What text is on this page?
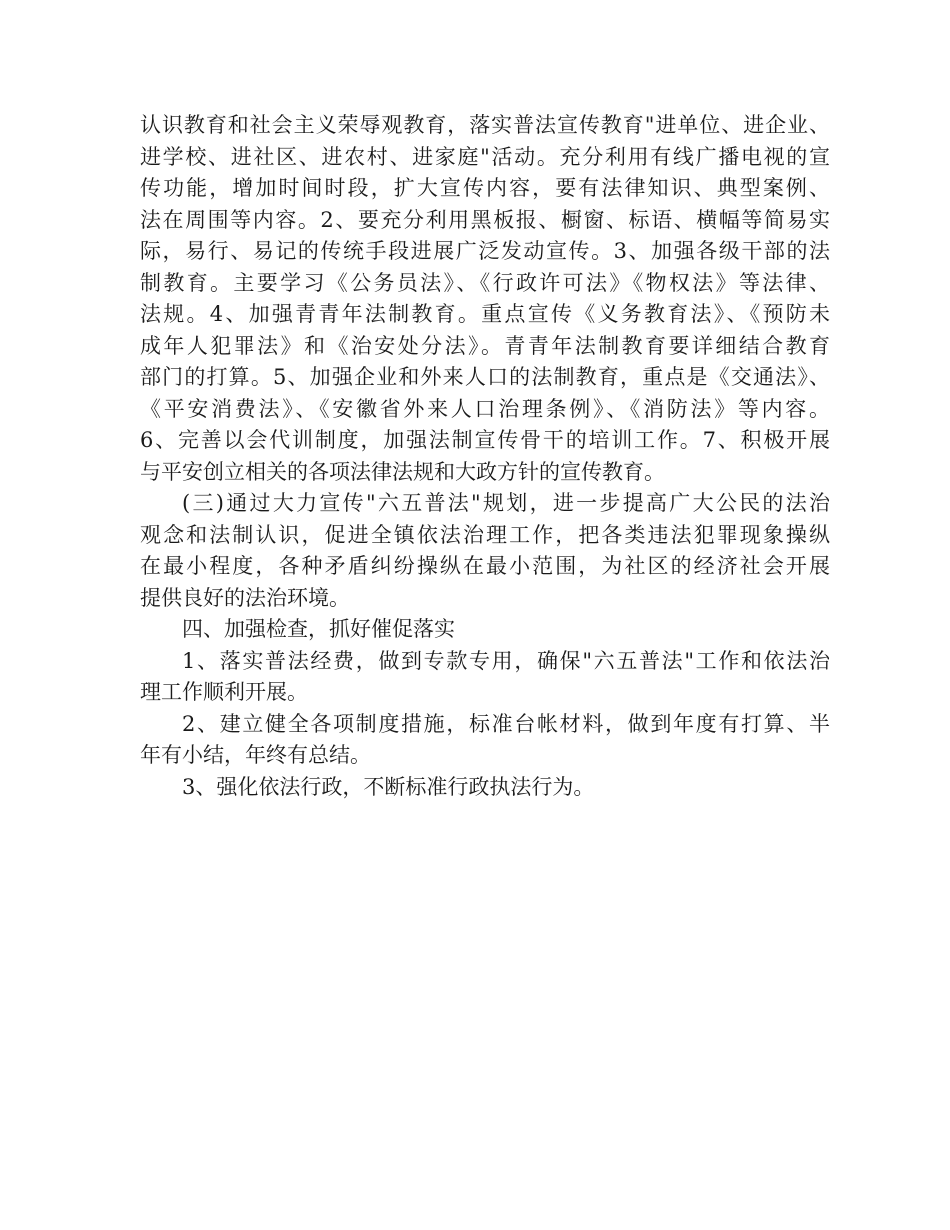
认识教育和社会主义荣辱观教育，落实普法宣传教育"进单位、进企业、
进学校、进社区、进农村、进家庭"活动。充分利用有线广播电视的宣
传功能，增加时间时段，扩大宣传内容，要有法律知识、典型案例、
法在周围等内容。2、要充分利用黑板报、橱窗、标语、横幅等简易实
际，易行、易记的传统手段进展广泛发动宣传。3、加强各级干部的法
制教育。主要学习《公务员法》、《行政许可法》《物权法》等法律、
法规。4、加强青青年法制教育。重点宣传《义务教育法》、《预防未
成年人犯罪法》和《治安处分法》。青青年法制教育要详细结合教育
部门的打算。5、加强企业和外来人口的法制教育，重点是《交通法》、
《平安消费法》、《安徽省外来人口治理条例》、《消防法》等内容。
6、完善以会代训制度，加强法制宣传骨干的培训工作。7、积极开展
与平安创立相关的各项法律法规和大政方针的宣传教育。
(三)通过大力宣传"六五普法"规划，进一步提高广大公民的法治
观念和法制认识，促进全镇依法治理工作，把各类违法犯罪现象操纵
在最小程度，各种矛盾纠纷操纵在最小范围，为社区的经济社会开展
提供良好的法治环境。
四、加强检查，抓好催促落实
1、落实普法经费，做到专款专用，确保"六五普法"工作和依法治
理工作顺利开展。
2、建立健全各项制度措施，标准台帐材料，做到年度有打算、半
年有小结，年终有总结。
3、强化依法行政，不断标准行政执法行为。
